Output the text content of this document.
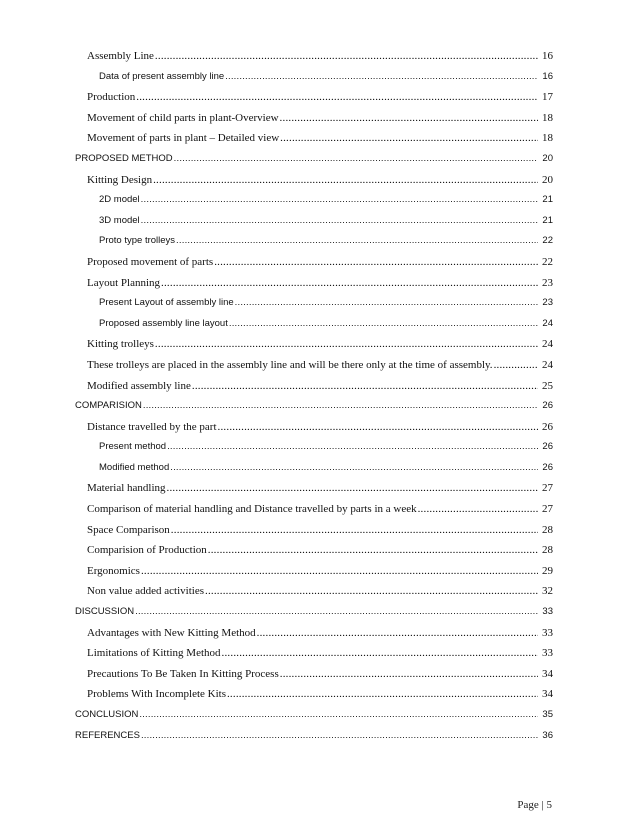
Assembly Line .....	16
Data of present assembly line .....	16
Production .....	17
Movement of child parts in plant-Overview .....	18
Movement of parts in plant – Detailed view .....	18
PROPOSED METHOD .....	20
Kitting Design .....	20
2D model .....	21
3D model .....	21
Proto type trolleys .....	22
Proposed movement of parts .....	22
Layout Planning .....	23
Present Layout of assembly line .....	23
Proposed assembly line layout .....	24
Kitting trolleys .....	24
These trolleys are placed in the assembly line and will be there only at the time of assembly. .....	24
Modified assembly line .....	25
COMPARISION .....	26
Distance travelled by the part .....	26
Present method .....	26
Modified method .....	26
Material handling .....	27
Comparison of material handling and Distance travelled by parts in a week .....	27
Space Comparison .....	28
Comparision of Production .....	28
Ergonomics .....	29
Non value added activities .....	32
DISCUSSION .....	33
Advantages with New Kitting Method .....	33
Limitations of Kitting Method .....	33
Precautions To Be Taken In Kitting Process .....	34
Problems With Incomplete Kits .....	34
CONCLUSION .....	35
REFERENCES .....	36
Page | 5
